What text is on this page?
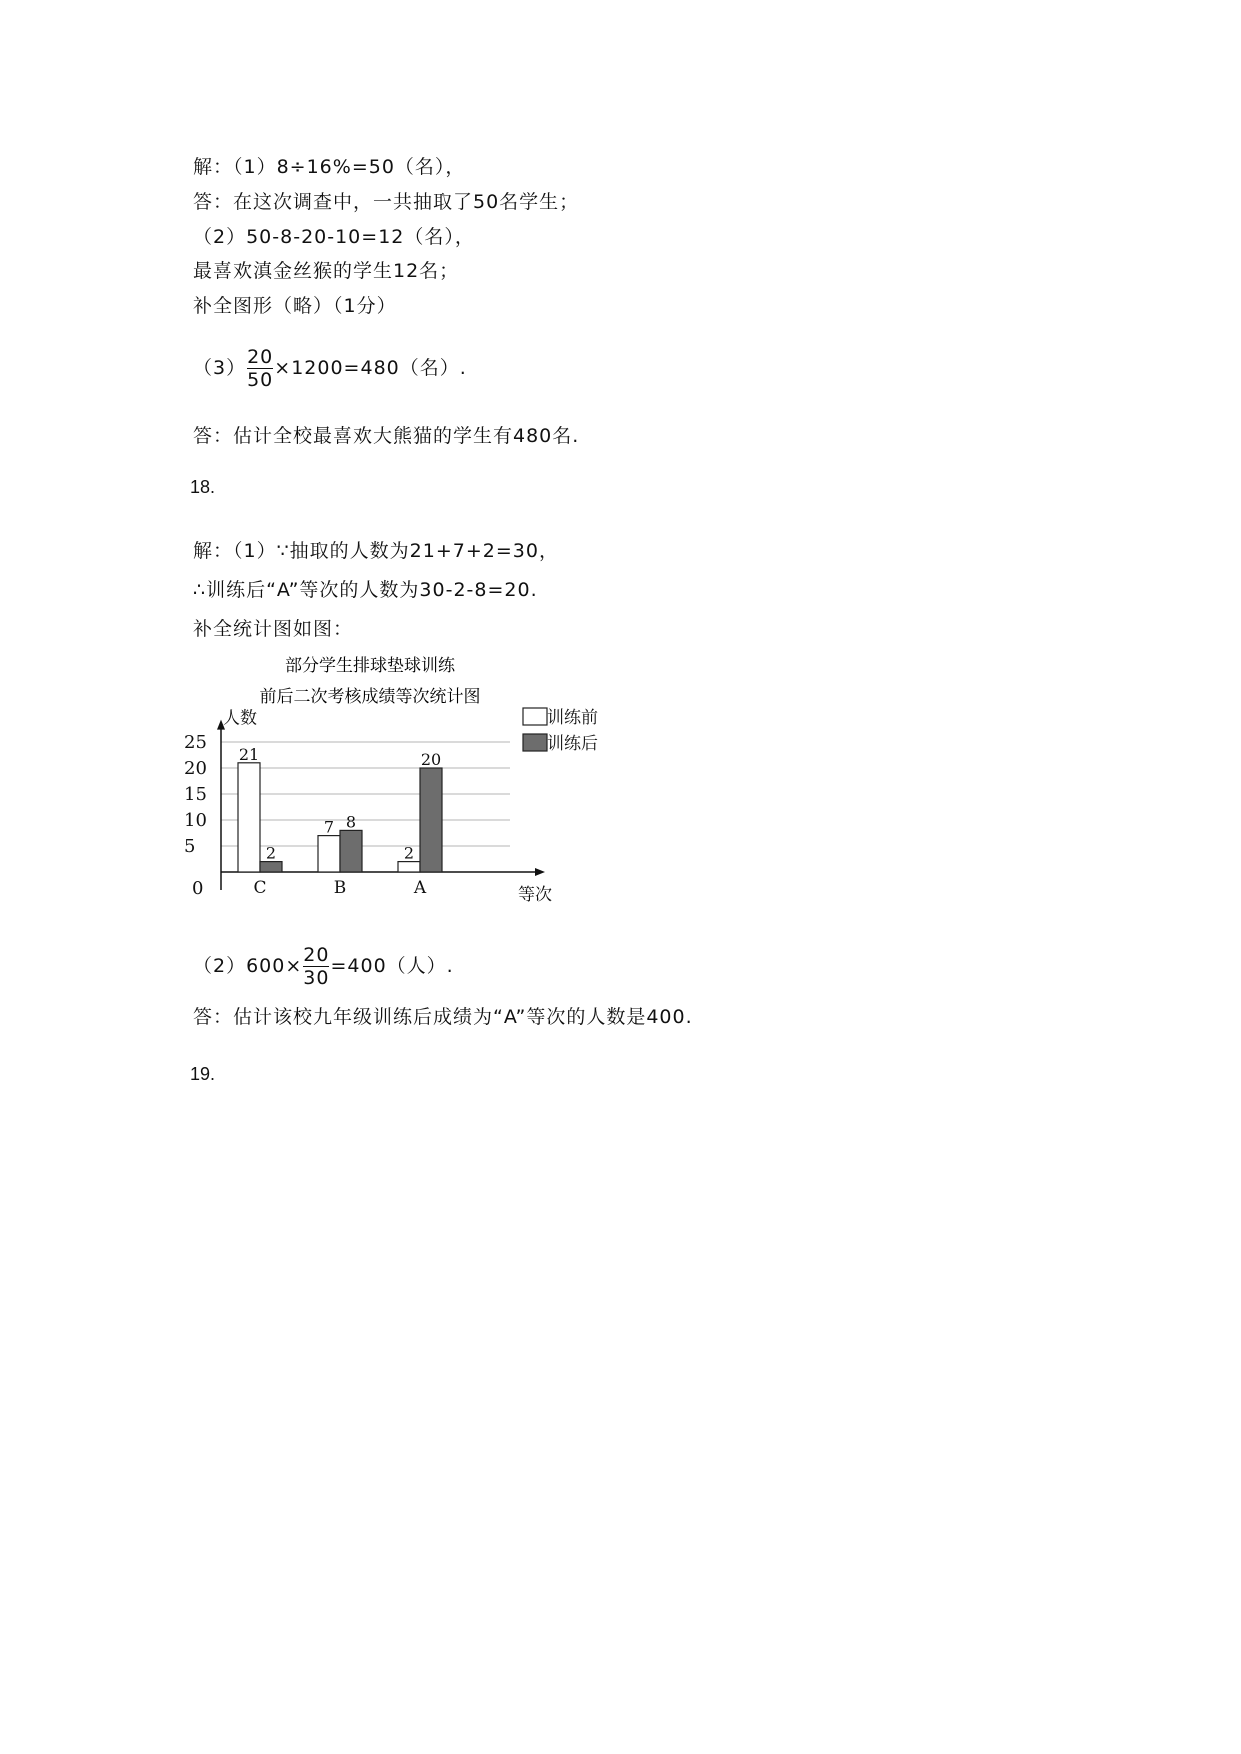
解：（1）8÷16%=50（名），
答：在这次调查中，一共抽取了50名学生；
（2）50-8-20-10=12（名），
最喜欢滇金丝猴的学生12名；
补全图形（略）（1分）
$(3) \frac{20}{50} \times 1200=480$（名）.
答：估计全校最喜欢大熊猫的学生有480名.
18.
解：（1）∵抽取的人数为21+7+2=30，
∴训练后“A”等次的人数为30-2-8=20.
补全统计图如图：
部分学生排球垫球训练
前后二次考核成绩等次统计图
0
5
10
15
20
25
人数
等次
21
2
C
7 8
B
2
20
A
训练前
训练后
$(2)600\times \frac{20}{30} =400$（人）.
答：估计该校九年级训练后成绩为“A”等次的人数是400.
19.
